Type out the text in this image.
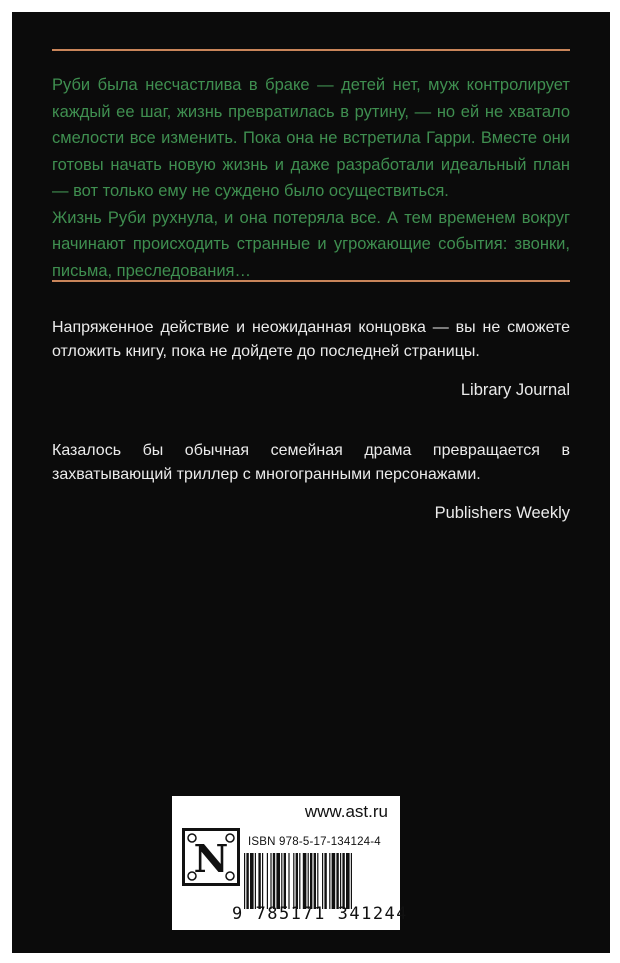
Руби была несчастлива в браке — детей нет, муж контролирует каждый ее шаг, жизнь превратилась в рутину, — но ей не хватало смелости все изменить. Пока она не встретила Гарри. Вместе они готовы начать новую жизнь и даже разработали идеальный план — вот только ему не суждено было осуществиться.

Жизнь Руби рухнула, и она потеряла все. А тем временем вокруг начинают происходить странные и угрожающие события: звонки, письма, преследования…

Напряженное действие и неожиданная концовка — вы не сможете отложить книгу, пока не дойдете до последней страницы.

Library Journal

Казалось бы обычная семейная драма превращается в захватывающий триллер с многогранными персонажами.

Publishers Weekly

www.ast.ru
N ISBN 978-5-17-134124-4
9 785171 341244
